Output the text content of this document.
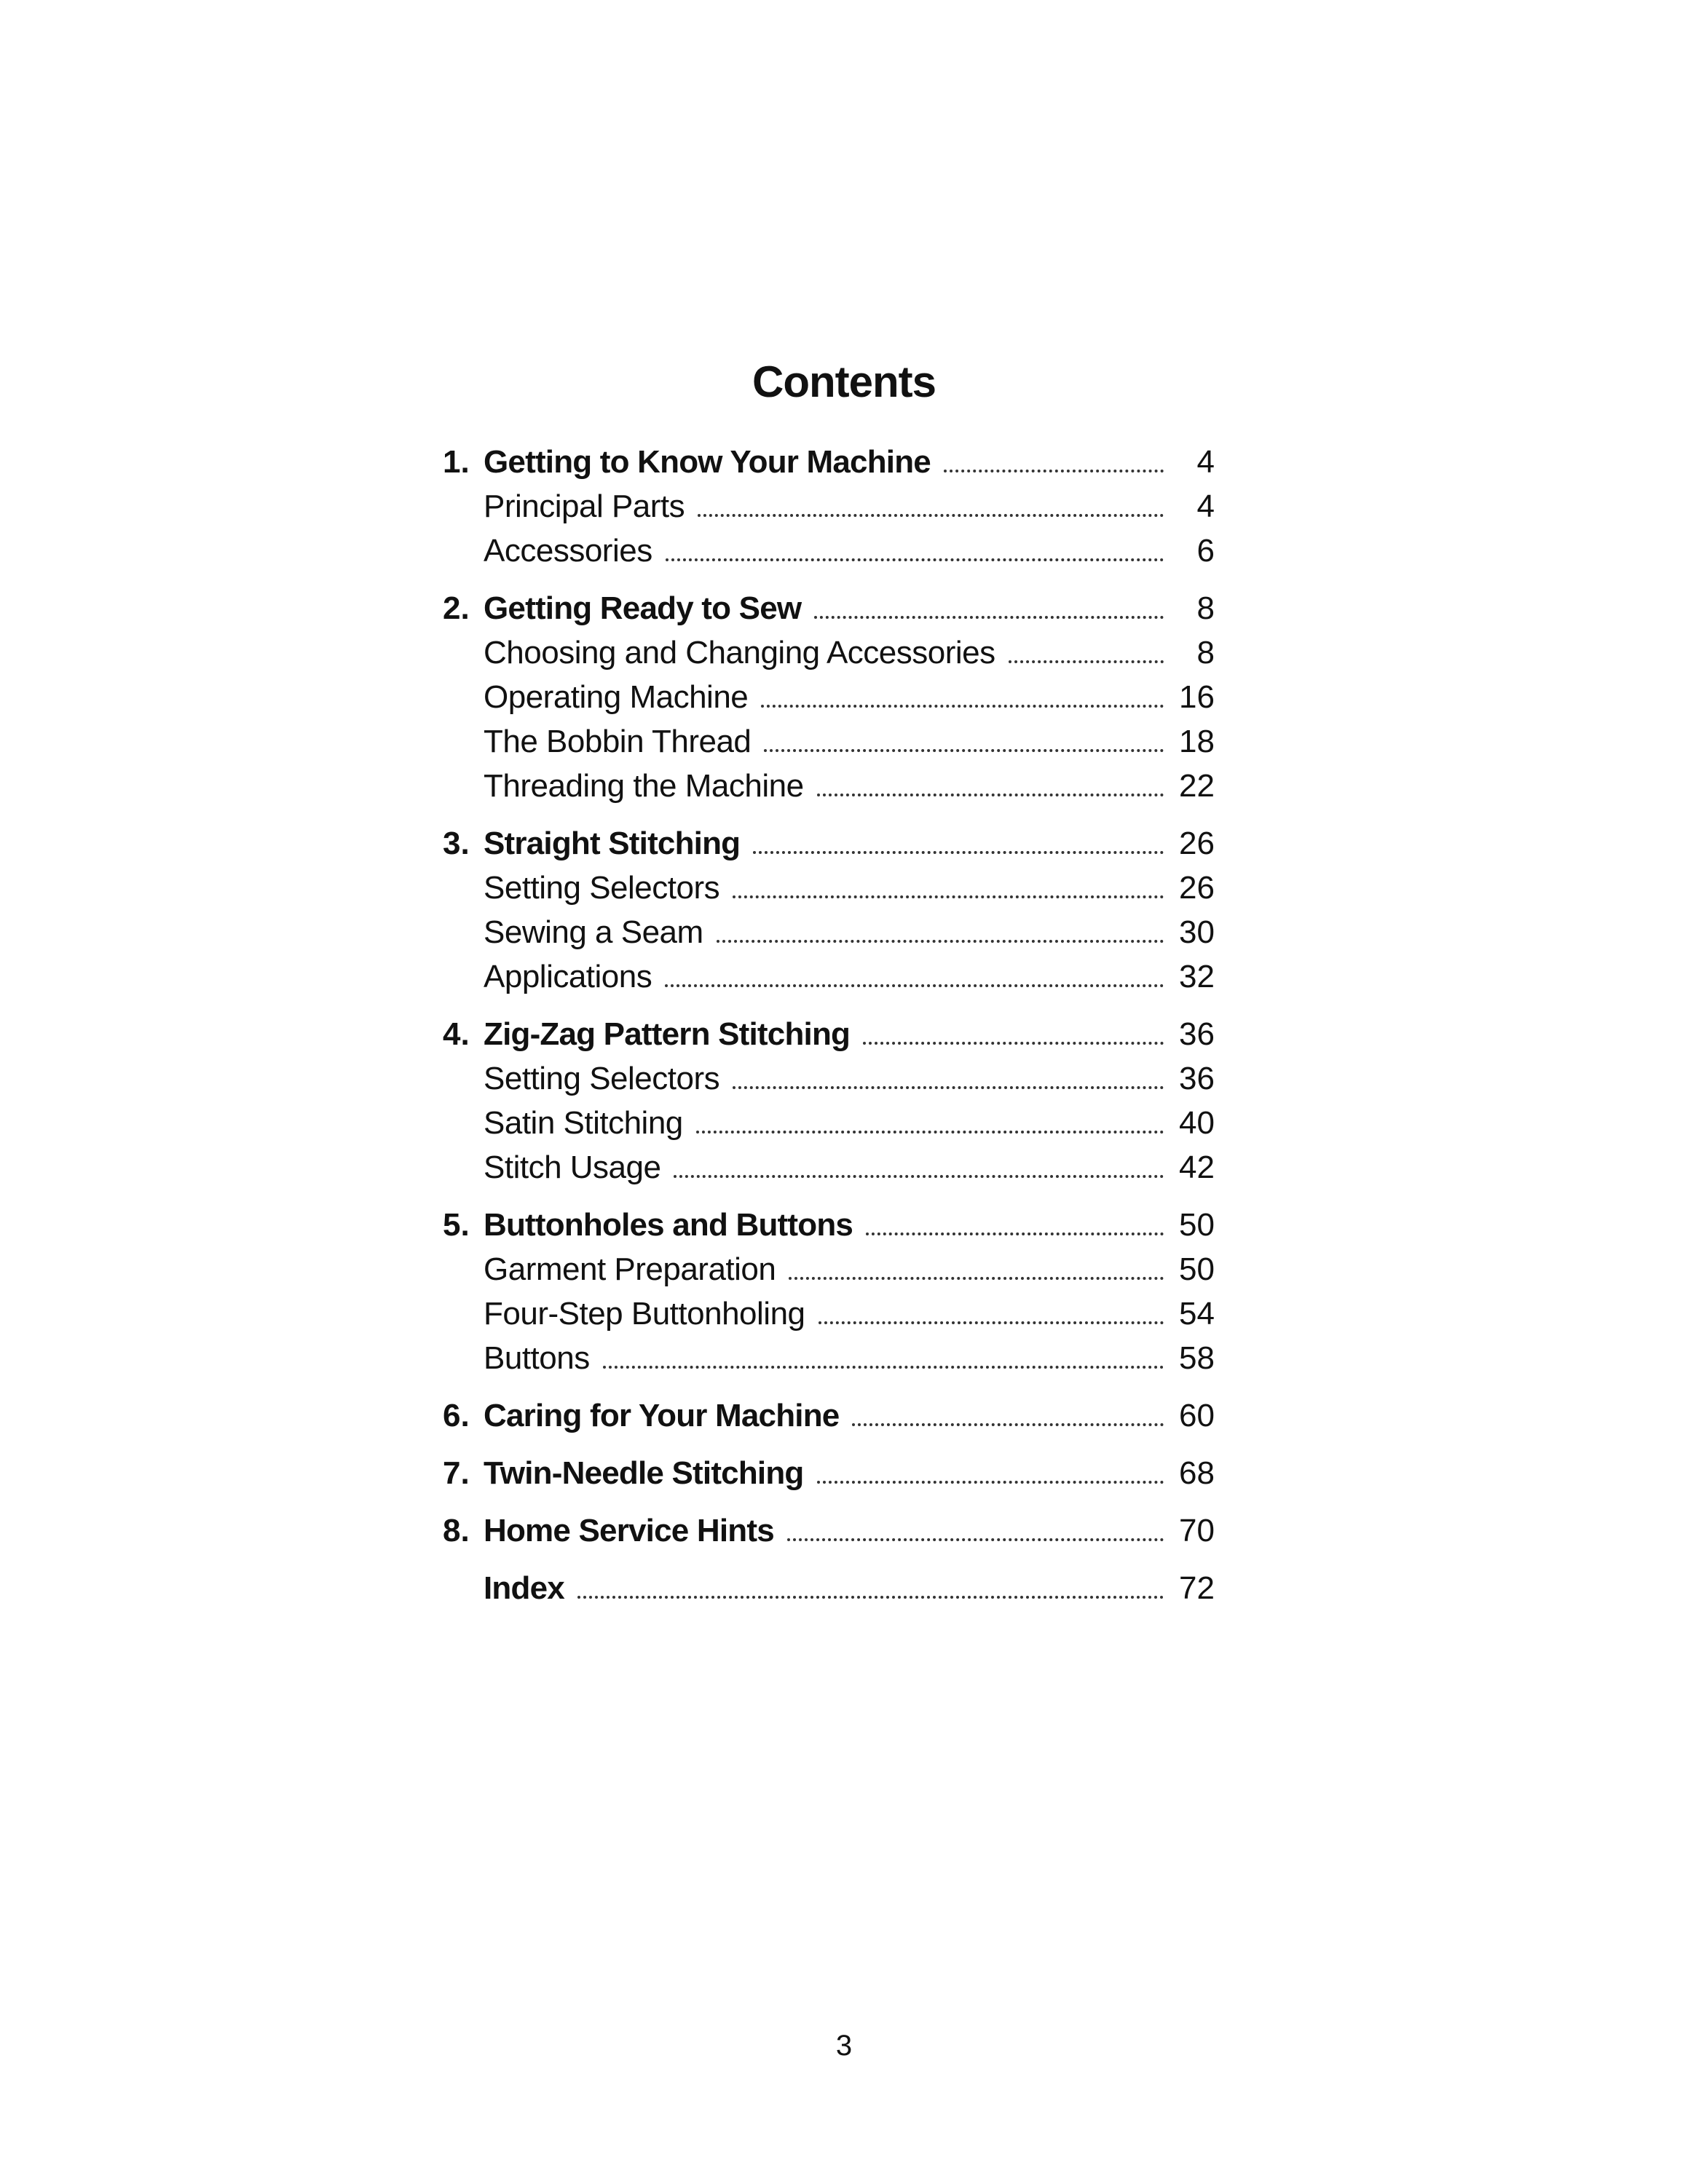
Contents
1. Getting to Know Your Machine	4
Principal Parts	4
Accessories	6
2. Getting Ready to Sew	8
Choosing and Changing Accessories	8
Operating Machine	16
The Bobbin Thread	18
Threading the Machine	22
3. Straight Stitching	26
Setting Selectors	26
Sewing a Seam	30
Applications	32
4. Zig-Zag Pattern Stitching	36
Setting Selectors	36
Satin Stitching	40
Stitch Usage	42
5. Buttonholes and Buttons	50
Garment Preparation	50
Four-Step Buttonholing	54
Buttons	58
6. Caring for Your Machine	60
7. Twin-Needle Stitching	68
8. Home Service Hints	70
Index	72
3
